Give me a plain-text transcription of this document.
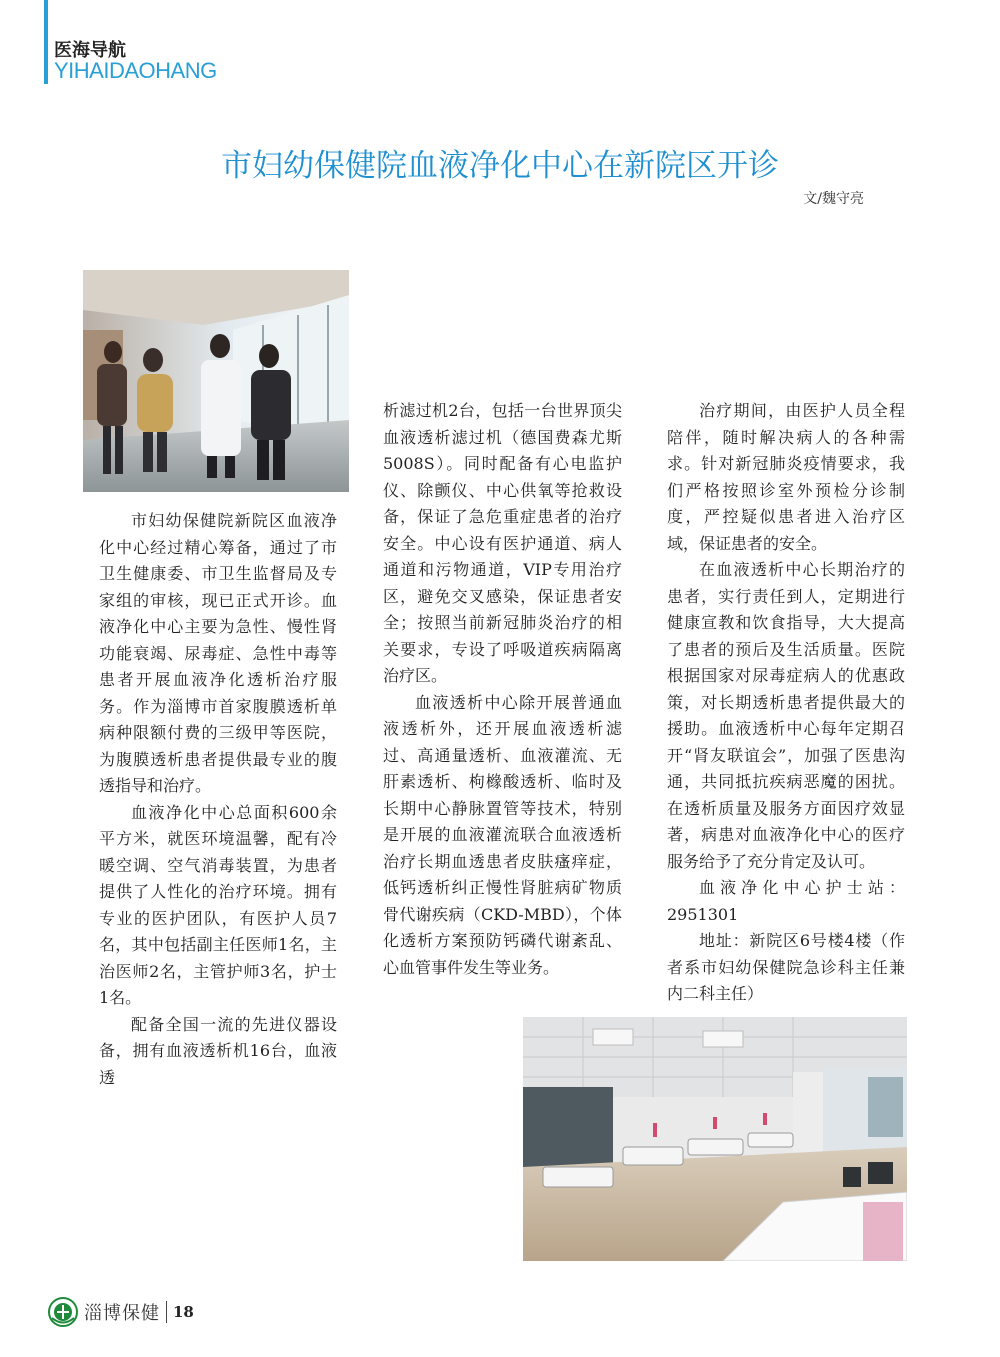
医海导航
YIHAIDAOHANG
市妇幼保健院血液净化中心在新院区开诊
文/魏守亮

市妇幼保健院新院区血液净化中心经过精心筹备，通过了市卫生健康委、市卫生监督局及专家组的审核，现已正式开诊。血液净化中心主要为急性、慢性肾功能衰竭、尿毒症、急性中毒等患者开展血液净化透析治疗服务。作为淄博市首家腹膜透析单病种限额付费的三级甲等医院，为腹膜透析患者提供最专业的腹透指导和治疗。

血液净化中心总面积600余平方米，就医环境温馨，配有冷暖空调、空气消毒装置，为患者提供了人性化的治疗环境。拥有专业的医护团队，有医护人员7名，其中包括副主任医师1名，主治医师2名，主管护师3名，护士1名。

配备全国一流的先进仪器设备，拥有血液透析机16台，血液透

析滤过机2台，包括一台世界顶尖血液透析滤过机（德国费森尤斯5008S）。同时配备有心电监护仪、除颤仪、中心供氧等抢救设备，保证了急危重症患者的治疗安全。中心设有医护通道、病人通道和污物通道，VIP专用治疗区，避免交叉感染，保证患者安全；按照当前新冠肺炎治疗的相关要求，专设了呼吸道疾病隔离治疗区。

血液透析中心除开展普通血液透析外，还开展血液透析滤过、高通量透析、血液灌流、无肝素透析、枸橼酸透析、临时及长期中心静脉置管等技术，特别是开展的血液灌流联合血液透析治疗长期血透患者皮肤瘙痒症，低钙透析纠正慢性肾脏病矿物质骨代谢疾病（CKD-MBD），个体化透析方案预防钙磷代谢紊乱、心血管事件发生等业务。

治疗期间，由医护人员全程陪伴，随时解决病人的各种需求。针对新冠肺炎疫情要求，我们严格按照诊室外预检分诊制度，严控疑似患者进入治疗区域，保证患者的安全。

在血液透析中心长期治疗的患者，实行责任到人，定期进行健康宣教和饮食指导，大大提高了患者的预后及生活质量。医院根据国家对尿毒症病人的优惠政策，对长期透析患者提供最大的援助。血液透析中心每年定期召开“肾友联谊会”，加强了医患沟通，共同抵抗疾病恶魔的困扰。在透析质量及服务方面因疗效显著，病患对血液净化中心的医疗服务给予了充分肯定及认可。

血液净化中心护士站：2951301

地址：新院区6号楼4楼（作者系市妇幼保健院急诊科主任兼内二科主任）

淄博保健 18
